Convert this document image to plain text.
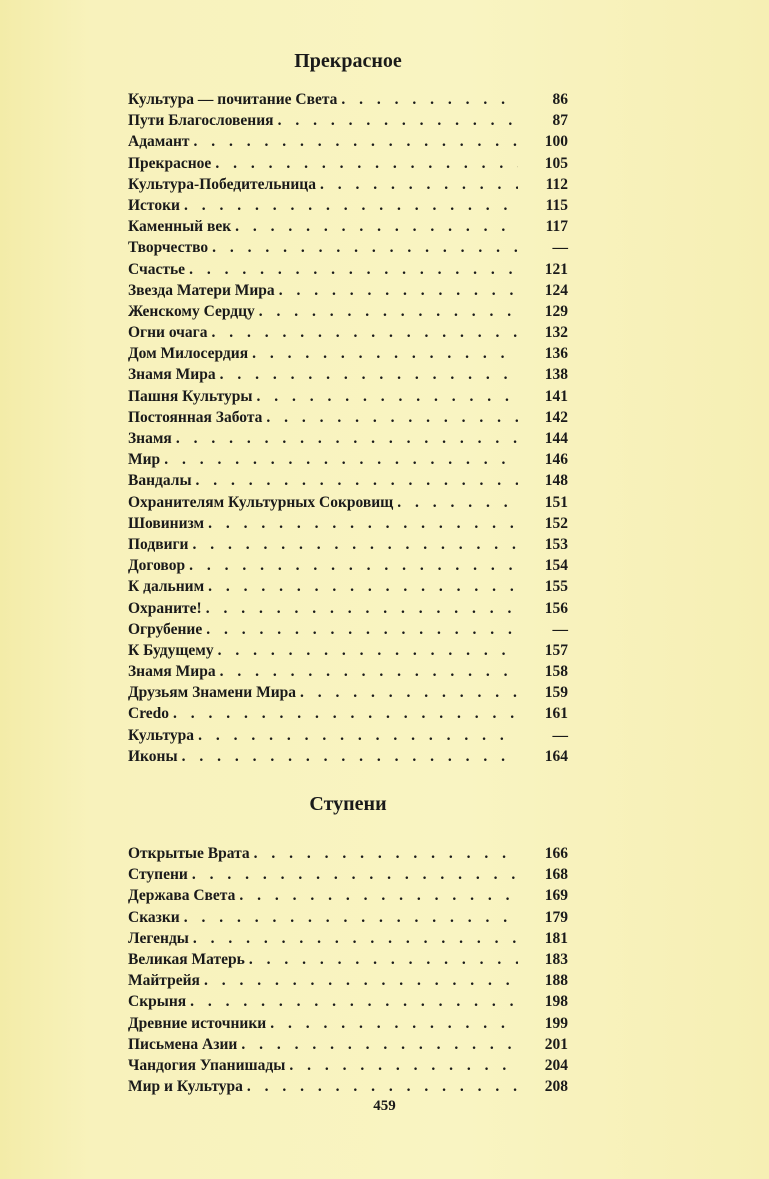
Прекрасное
Культура — почитание Света . . .	86
Пути Благословения . . .	87
Адамант . . .	100
Прекрасное . . .	105
Культура-Победительница . . .	112
Истоки . . .	115
Каменный век . . .	117
Творчество . . .	—
Счастье . . .	121
Звезда Матери Мира . . .	124
Женскому Сердцу . . .	129
Огни очага . . .	132
Дом Милосердия . . .	136
Знамя Мира . . .	138
Пашня Культуры . . .	141
Постоянная Забота . . .	142
Знамя . . .	144
Мир . . .	146
Вандалы . . .	148
Охранителям Культурных Сокровищ . . .	151
Шовинизм . . .	152
Подвиги . . .	153
Договор . . .	154
К дальним . . .	155
Охраните! . . .	156
Огрубение . . .	—
К Будущему . . .	157
Знамя Мира . . .	158
Друзьям Знамени Мира . . .	159
Credo . . .	161
Культура . . .	—
Иконы . . .	164
Ступени
Открытые Врата . . .	166
Ступени . . .	168
Держава Света . . .	169
Сказки . . .	179
Легенды . . .	181
Великая Матерь . . .	183
Майтрейя . . .	188
Скрыня . . .	198
Древние источники . . .	199
Письмена Азии . . .	201
Чандогия Упанишады . . .	204
Мир и Культура . . .	208
459
